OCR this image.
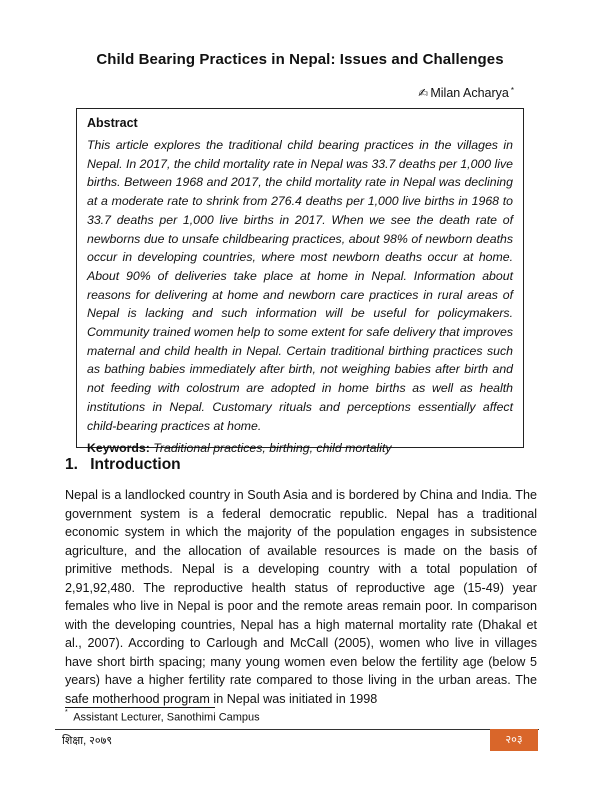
Child Bearing Practices in Nepal: Issues and Challenges
✍ Milan Acharya *
Abstract

This article explores the traditional child bearing practices in the villages in Nepal. In 2017, the child mortality rate in Nepal was 33.7 deaths per 1,000 live births. Between 1968 and 2017, the child mortality rate in Nepal was declining at a moderate rate to shrink from 276.4 deaths per 1,000 live births in 1968 to 33.7 deaths per 1,000 live births in 2017. When we see the death rate of newborns due to unsafe childbearing practices, about 98% of newborn deaths occur in developing countries, where most newborn deaths occur at home. About 90% of deliveries take place at home in Nepal. Information about reasons for delivering at home and newborn care practices in rural areas of Nepal is lacking and such information will be useful for policymakers. Community trained women help to some extent for safe delivery that improves maternal and child health in Nepal. Certain traditional birthing practices such as bathing babies immediately after birth, not weighing babies after birth and not feeding with colostrum are adopted in home births as well as health institutions in Nepal. Customary rituals and perceptions essentially affect child-bearing practices at home.

Keywords: Traditional practices, birthing, child mortality
1. Introduction

Nepal is a landlocked country in South Asia and is bordered by China and India. The government system is a federal democratic republic. Nepal has a traditional economic system in which the majority of the population engages in subsistence agriculture, and the allocation of available resources is made on the basis of primitive methods. Nepal is a developing country with a total population of 2,91,92,480. The reproductive health status of reproductive age (15-49) year females who live in Nepal is poor and the remote areas remain poor. In comparison with the developing countries, Nepal has a high maternal mortality rate (Dhakal et al., 2007). According to Carlough and McCall (2005), women who live in villages have short birth spacing; many young women even below the fertility age (below 5 years) have a higher fertility rate compared to those living in the urban areas. The safe motherhood program in Nepal was initiated in 1998

* Assistant Lecturer, Sanothimi Campus
शिक्षा, २०७९	२०३
